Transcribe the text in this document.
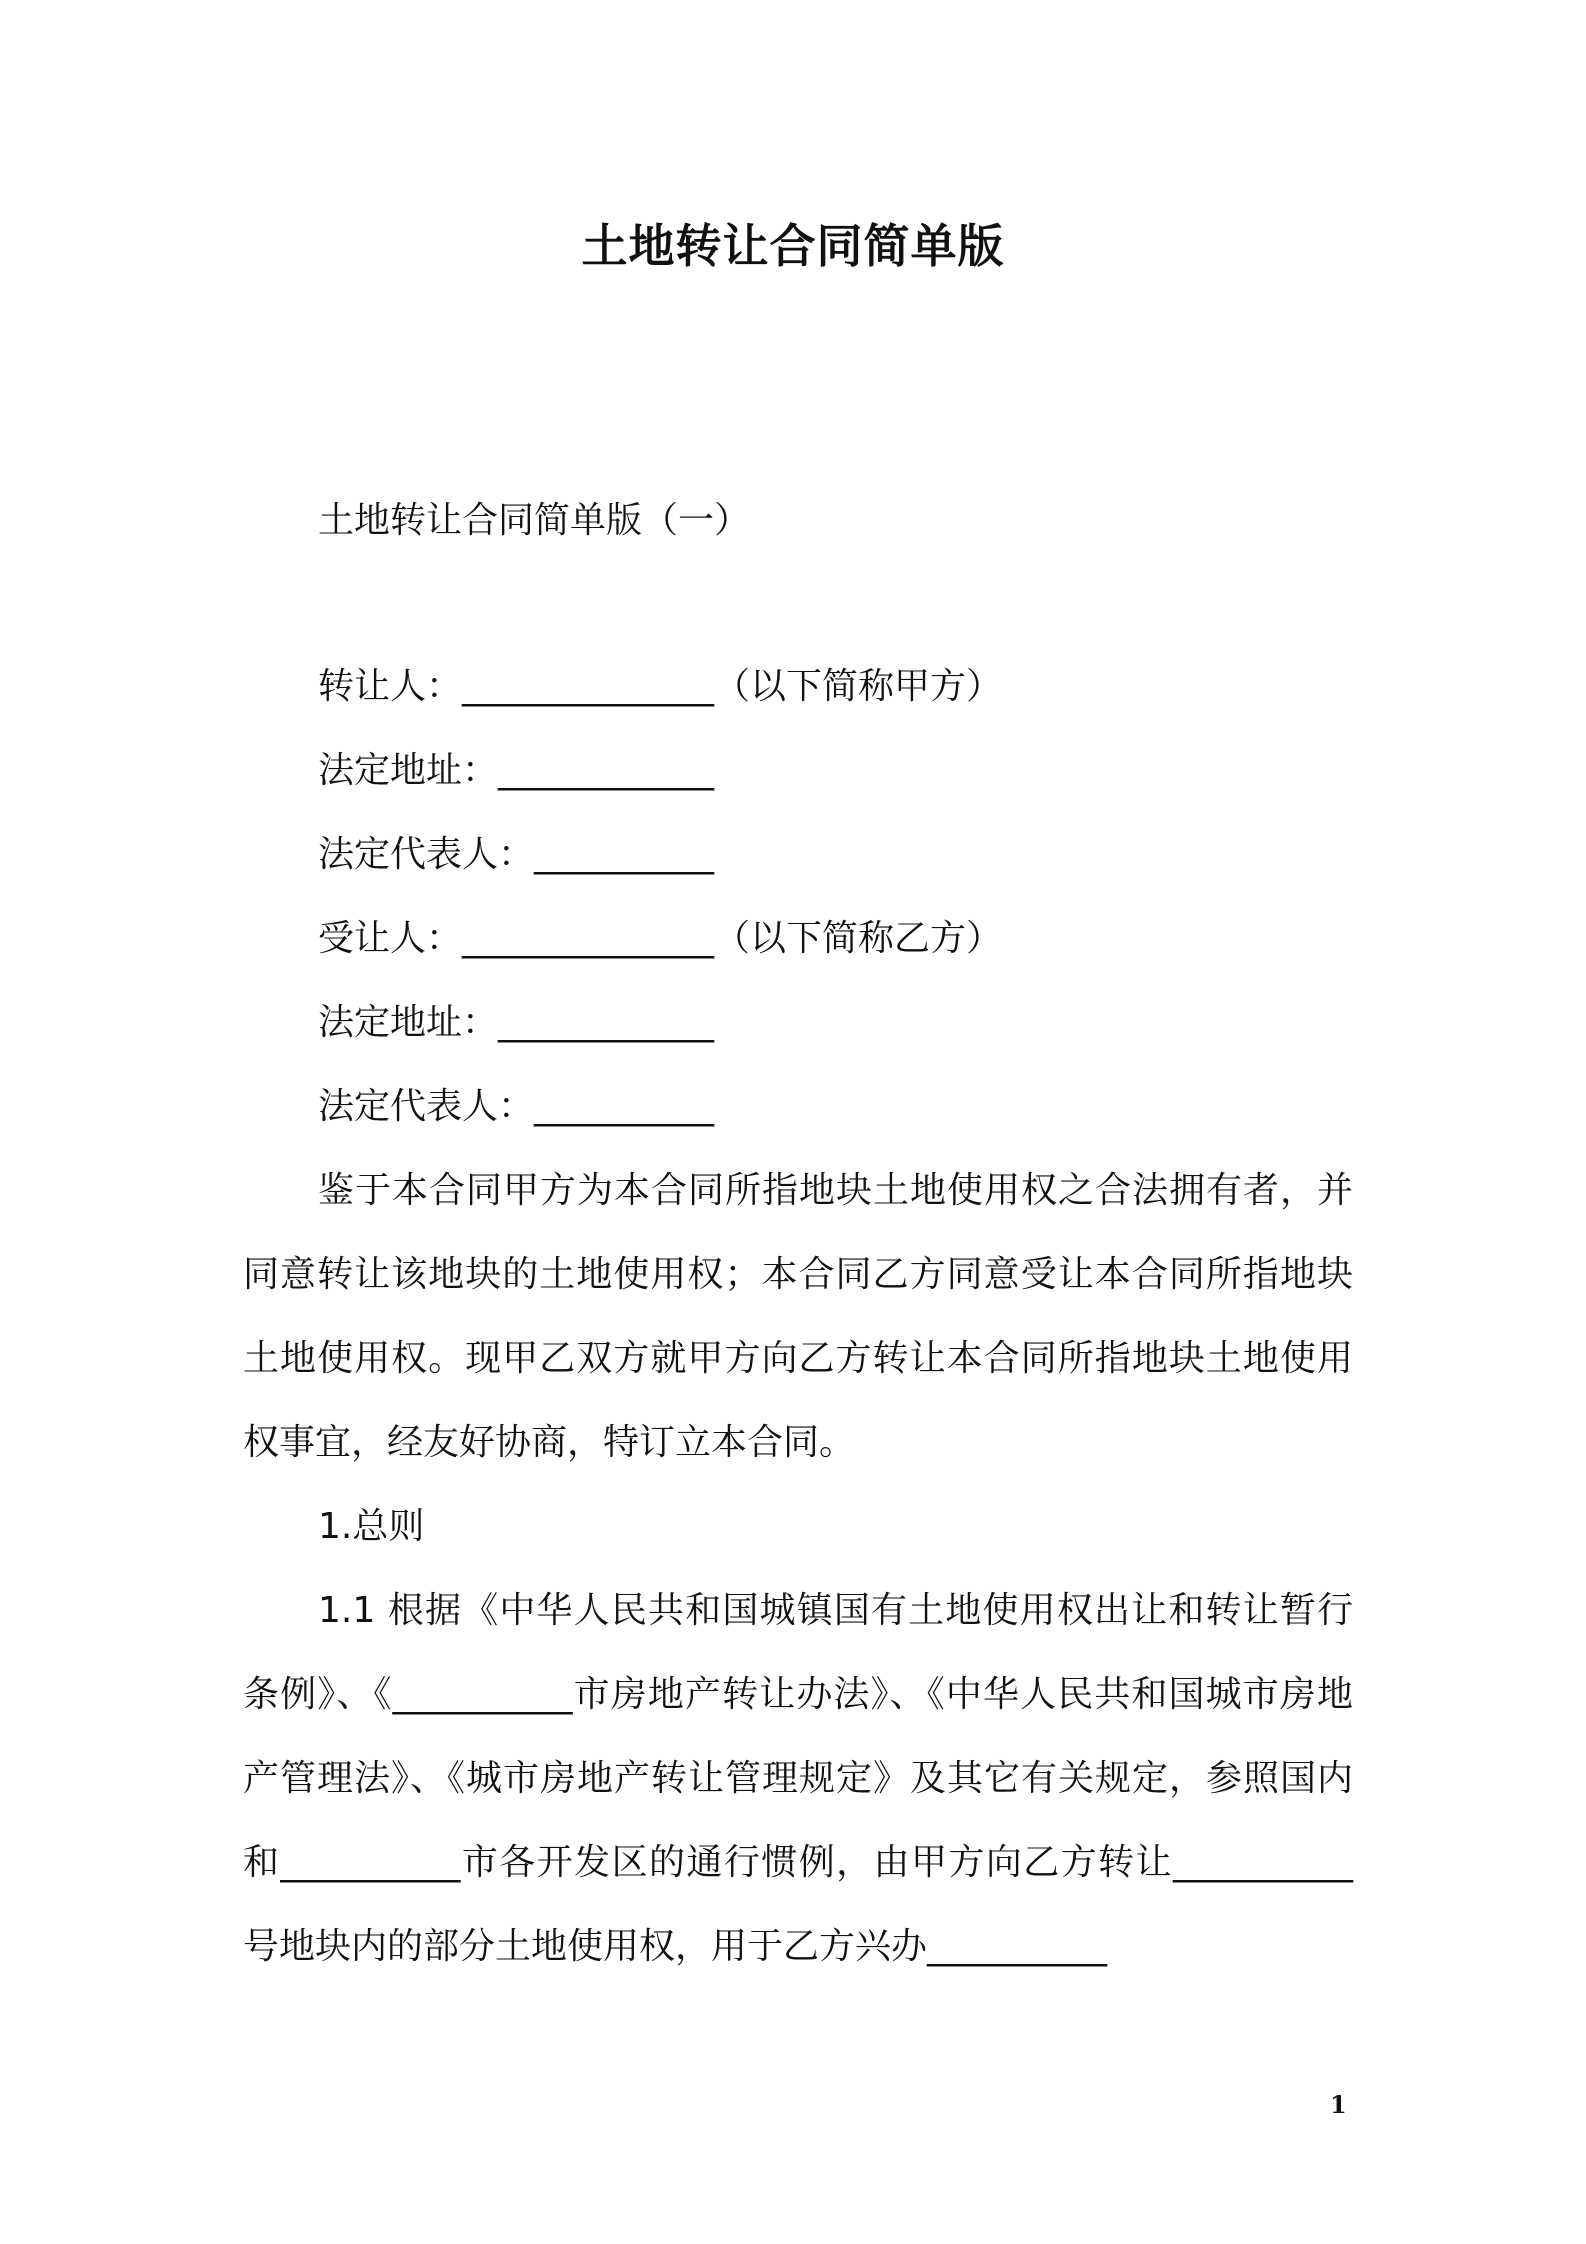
土地转让合同简单版
土地转让合同简单版（一）
转让人：______________（以下简称甲方）
法定地址：____________
法定代表人：__________
受让人：______________（以下简称乙方）
法定地址：____________
法定代表人：__________
鉴于本合同甲方为本合同所指地块土地使用权之合法拥有者，并
同意转让该地块的土地使用权；本合同乙方同意受让本合同所指地块
土地使用权。现甲乙双方就甲方向乙方转让本合同所指地块土地使用
权事宜，经友好协商，特订立本合同。
1.总则
1.1 根据《中华人民共和国城镇国有土地使用权出让和转让暂行
条例》、《__________市房地产转让办法》、《中华人民共和国城市房地
产管理法》、《城市房地产转让管理规定》及其它有关规定，参照国内
和__________市各开发区的通行惯例，由甲方向乙方转让__________
号地块内的部分土地使用权，用于乙方兴办__________
1
